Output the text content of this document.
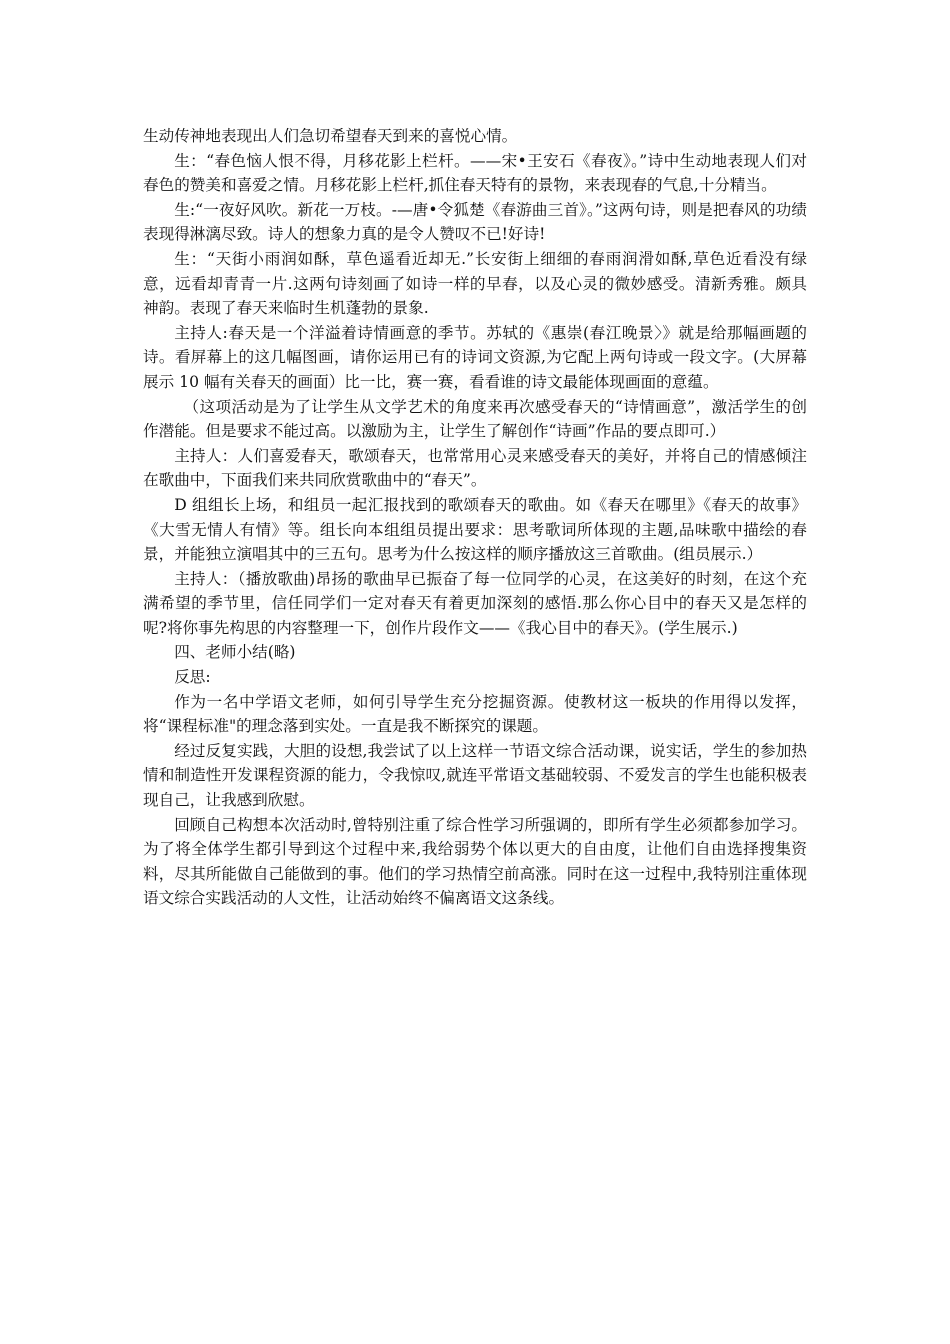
生动传神地表现出人们急切希望春天到来的喜悦心情。

生：“春色恼人恨不得，月移花影上栏杆。——宋•王安石《春夜》。”诗中生动地表现人们对春色的赞美和喜爱之情。月移花影上栏杆,抓住春天特有的景物，来表现春的气息,十分精当。

生:“一夜好风吹。新花一万枝。-—唐•令狐楚《春游曲三首》。”这两句诗，则是把春风的功绩表现得淋漓尽致。诗人的想象力真的是令人赞叹不已!好诗!

生：“天街小雨润如酥，草色遥看近却无.”长安街上细细的春雨润滑如酥,草色近看没有绿意，远看却青青一片.这两句诗刻画了如诗一样的早春，以及心灵的微妙感受。清新秀雅。颇具 神韵。表现了春天来临时生机蓬勃的景象.

主持人:春天是一个洋溢着诗情画意的季节。苏轼的《惠崇(春江晚景〉》就是给那幅画题的诗。看屏幕上的这几幅图画，请你运用已有的诗词文资源,为它配上两句诗或一段文字。(大屏幕展示 10 幅有关春天的画面）比一比，赛一赛，看看谁的诗文最能体现画面的意蕴。

（这项活动是为了让学生从文学艺术的角度来再次感受春天的“诗情画意”，激活学生的创作潜能。但是要求不能过高。以激励为主，让学生了解创作“诗画”作品的要点即可.）

主持人：人们喜爱春天，歌颂春天，也常常用心灵来感受春天的美好，并将自己的情感倾注在歌曲中，下面我们来共同欣赏歌曲中的“春天”。

D 组组长上场，和组员一起汇报找到的歌颂春天的歌曲。如《春天在哪里》《春天的故事》《大雪无情人有情》等。组长向本组组员提出要求：思考歌词所体现的主题,品味歌中描绘的春景，并能独立演唱其中的三五句。思考为什么按这样的顺序播放这三首歌曲。(组员展示.）

主持人：（播放歌曲)昂扬的歌曲早已振奋了每一位同学的心灵，在这美好的时刻，在这个充满希望的季节里，信任同学们一定对春天有着更加深刻的感悟.那么你心目中的春天又是怎样的呢?将你事先构思的内容整理一下，创作片段作文——《我心目中的春天》。(学生展示.)

四、老师小结(略)

反思:

作为一名中学语文老师，如何引导学生充分挖掘资源。使教材这一板块的作用得以发挥，将“课程标准"的理念落到实处。一直是我不断探究的课题。

经过反复实践，大胆的设想,我尝试了以上这样一节语文综合活动课，说实话，学生的参加热情和制造性开发课程资源的能力，令我惊叹,就连平常语文基础较弱、不爱发言的学生也能积极表现自己，让我感到欣慰。

回顾自己构想本次活动时,曾特别注重了综合性学习所强调的，即所有学生必须都参加学习。为了将全体学生都引导到这个过程中来,我给弱势个体以更大的自由度，让他们自由选择搜集资料，尽其所能做自己能做到的事。他们的学习热情空前高涨。同时在这一过程中,我特别注重体现语文综合实践活动的人文性，让活动始终不偏离语文这条线。
